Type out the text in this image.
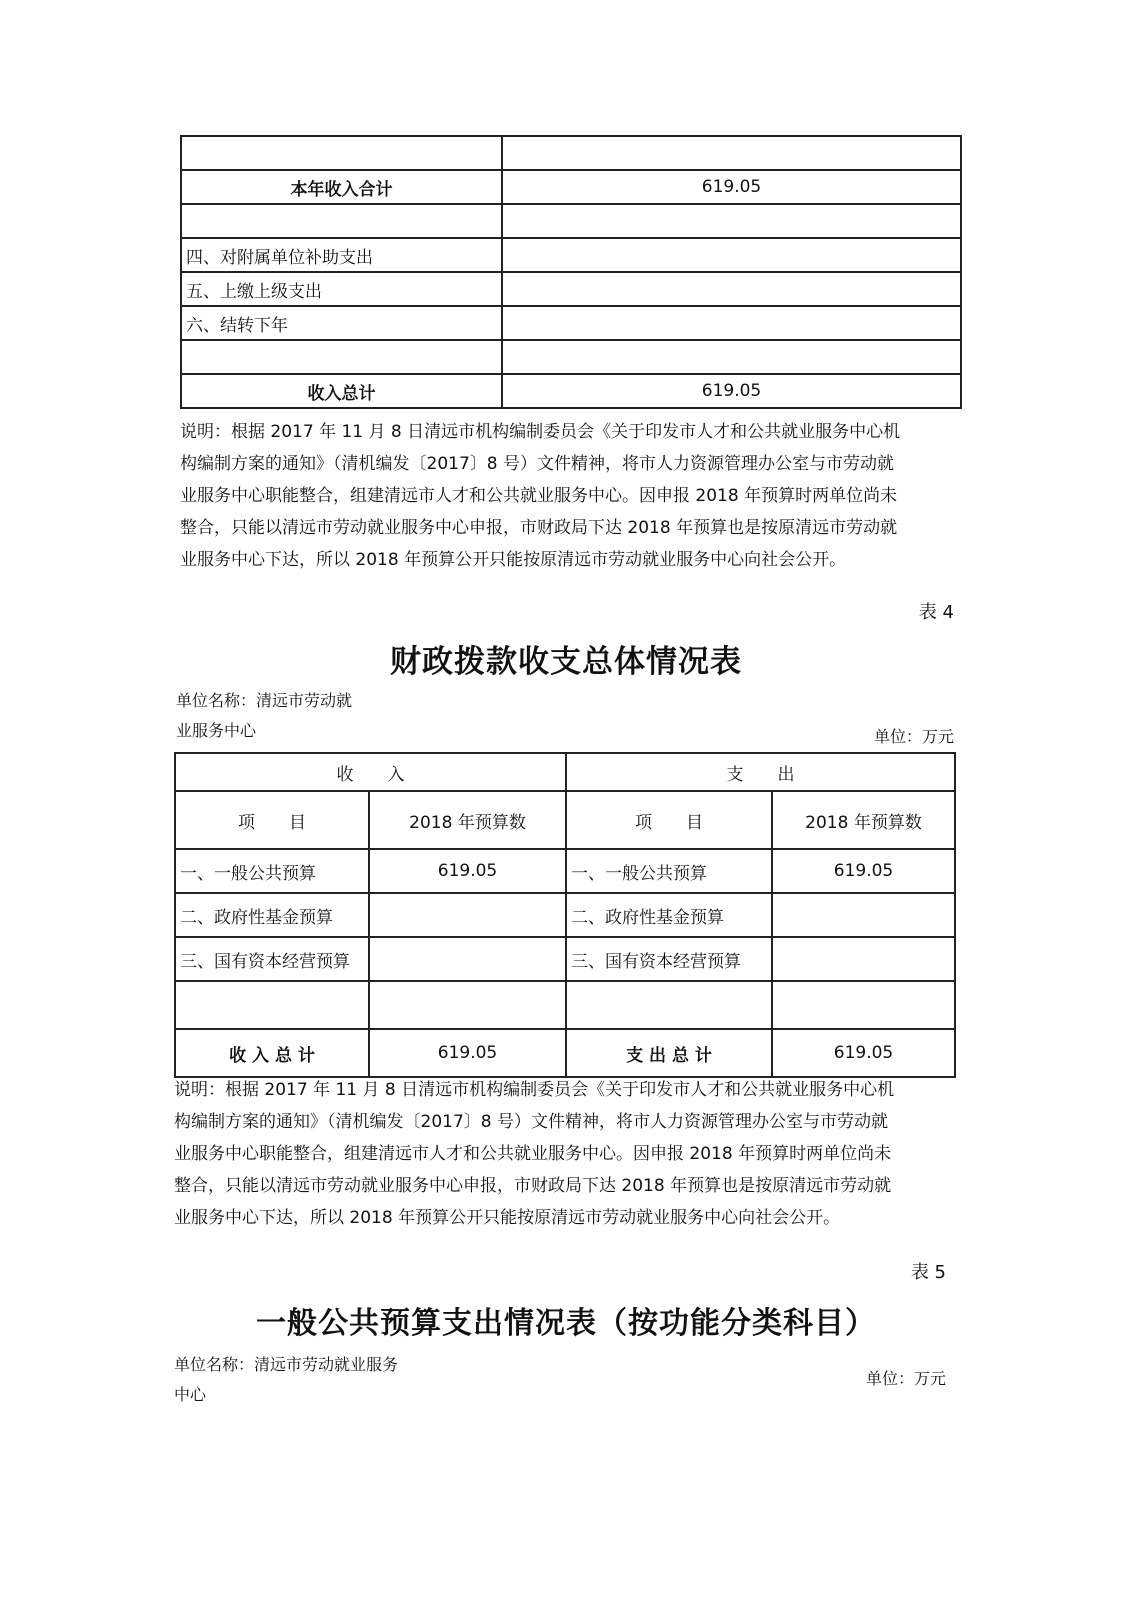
本年收入合计	619.05

四、对附属单位补助支出	
五、上缴上级支出	
六、结转下年	

收入总计	619.05
说明：根据 2017 年 11 月 8 日清远市机构编制委员会《关于印发市人才和公共就业服务中心机
构编制方案的通知》（清机编发〔2017〕8 号）文件精神，将市人力资源管理办公室与市劳动就
业服务中心职能整合，组建清远市人才和公共就业服务中心。因申报 2018 年预算时两单位尚未
整合，只能以清远市劳动就业服务中心申报，市财政局下达 2018 年预算也是按原清远市劳动就
业服务中心下达，所以 2018 年预算公开只能按原清远市劳动就业服务中心向社会公开。
表 4
财政拨款收支总体情况表
单位名称：清远市劳动就
业服务中心	单位：万元
收　　入		支　　出	
项　　目	2018 年预算数	项　　目	2018 年预算数
一、一般公共预算	619.05	一、一般公共预算	619.05
二、政府性基金预算		二、政府性基金预算	
三、国有资本经营预算		三、国有资本经营预算	

收 入 总 计	619.05	支 出 总 计	619.05
说明：根据 2017 年 11 月 8 日清远市机构编制委员会《关于印发市人才和公共就业服务中心机
构编制方案的通知》（清机编发〔2017〕8 号）文件精神，将市人力资源管理办公室与市劳动就
业服务中心职能整合，组建清远市人才和公共就业服务中心。因申报 2018 年预算时两单位尚未
整合，只能以清远市劳动就业服务中心申报，市财政局下达 2018 年预算也是按原清远市劳动就
业服务中心下达，所以 2018 年预算公开只能按原清远市劳动就业服务中心向社会公开。
表 5
一般公共预算支出情况表（按功能分类科目）
单位名称：清远市劳动就业服务
中心
单位：万元
